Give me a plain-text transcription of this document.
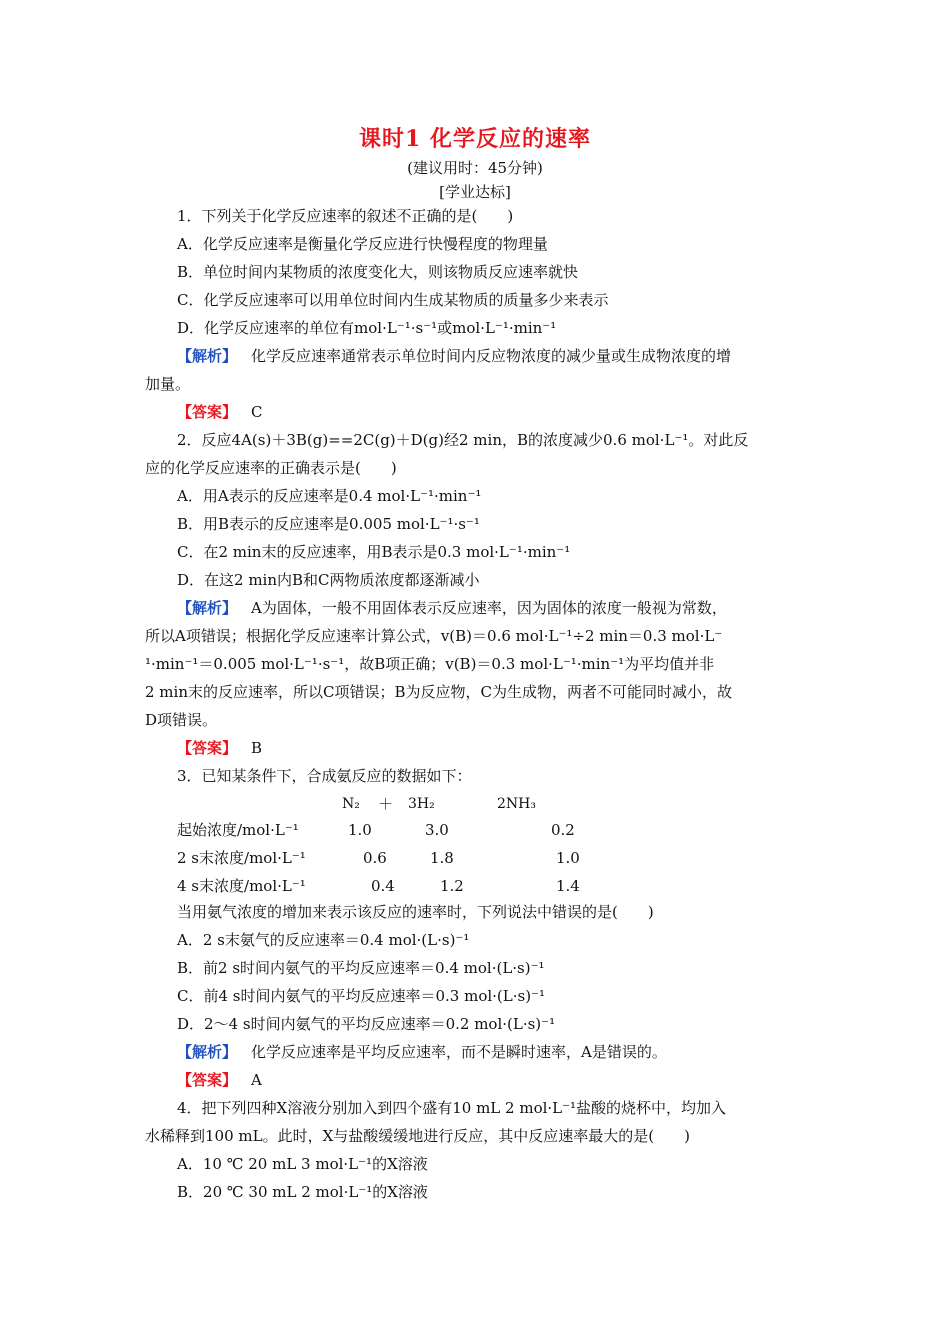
课时1 化学反应的速率
(建议用时：45分钟)
[学业达标]
1．下列关于化学反应速率的叙述不正确的是(　　)
A．化学反应速率是衡量化学反应进行快慢程度的物理量
B．单位时间内某物质的浓度变化大，则该物质反应速率就快
C．化学反应速率可以用单位时间内生成某物质的质量多少来表示
D．化学反应速率的单位有mol·L⁻¹·s⁻¹或mol·L⁻¹·min⁻¹
【解析】 化学反应速率通常表示单位时间内反应物浓度的减少量或生成物浓度的增
加量。
【答案】 C
2．反应4A(s)＋3B(g)==2C(g)＋D(g)经2 min，B的浓度减少0.6 mol·L⁻¹。对此反
应的化学反应速率的正确表示是(　　)
A．用A表示的反应速率是0.4 mol·L⁻¹·min⁻¹
B．用B表示的反应速率是0.005 mol·L⁻¹·s⁻¹
C．在2 min末的反应速率，用B表示是0.3 mol·L⁻¹·min⁻¹
D．在这2 min内B和C两物质浓度都逐渐减小
【解析】 A为固体，一般不用固体表示反应速率，因为固体的浓度一般视为常数，
所以A项错误；根据化学反应速率计算公式，v(B)＝0.6 mol·L⁻¹÷2 min＝0.3 mol·L⁻
¹·min⁻¹＝0.005 mol·L⁻¹·s⁻¹，故B项正确；v(B)＝0.3 mol·L⁻¹·min⁻¹为平均值并非
2 min末的反应速率，所以C项错误；B为反应物，C为生成物，两者不可能同时减小，故
D项错误。
【答案】 B
3．已知某条件下，合成氨反应的数据如下：
N₂ ＋ 3H₂	2NH₃
起始浓度/mol·L⁻¹	1.0	3.0	0.2
2 s末浓度/mol·L⁻¹	0.6	1.8	1.0
4 s末浓度/mol·L⁻¹	0.4	1.2	1.4
当用氨气浓度的增加来表示该反应的速率时，下列说法中错误的是(　　)
A．2 s末氨气的反应速率＝0.4 mol·(L·s)⁻¹
B．前2 s时间内氨气的平均反应速率＝0.4 mol·(L·s)⁻¹
C．前4 s时间内氨气的平均反应速率＝0.3 mol·(L·s)⁻¹
D．2～4 s时间内氨气的平均反应速率＝0.2 mol·(L·s)⁻¹
【解析】 化学反应速率是平均反应速率，而不是瞬时速率，A是错误的。
【答案】 A
4．把下列四种X溶液分别加入到四个盛有10 mL 2 mol·L⁻¹盐酸的烧杯中，均加入
水稀释到100 mL。此时，X与盐酸缓缓地进行反应，其中反应速率最大的是(　　)
A．10 ℃ 20 mL 3 mol·L⁻¹的X溶液
B．20 ℃ 30 mL 2 mol·L⁻¹的X溶液
